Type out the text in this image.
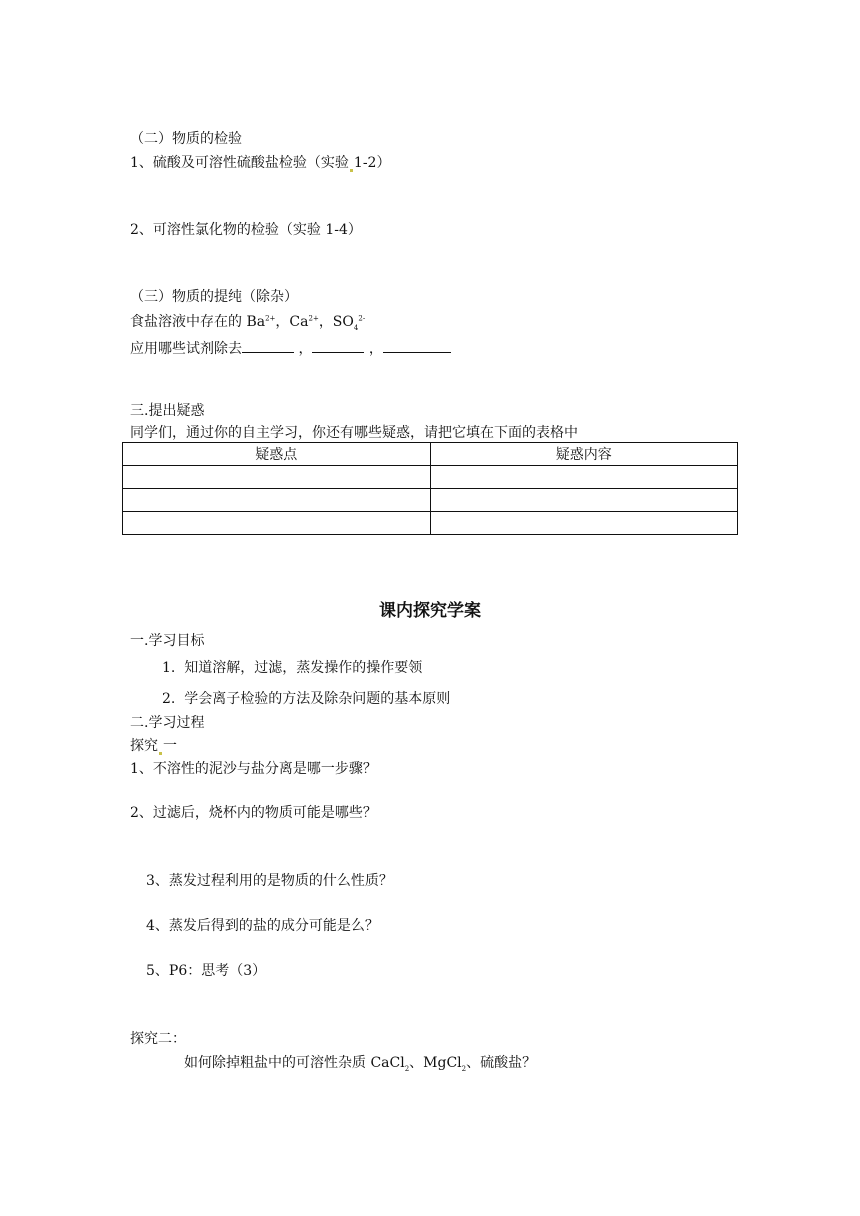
（二）物质的检验
1、硫酸及可溶性硫酸盐检验（实验 1-2）
2、可溶性氯化物的检验（实验 1-4）
（三）物质的提纯（除杂）
食盐溶液中存在的 $Ba^{2+}$，$Ca^{2+}$，$SO_4^{2-}$
应用哪些试剂除去	，	，
三.提出疑惑
同学们，通过你的自主学习，你还有哪些疑惑，请把它填在下面的表格中
疑惑点	疑惑内容

课内探究学案
一.学习目标
1. 知道溶解，过滤，蒸发操作的操作要领
2. 学会离子检验的方法及除杂问题的基本原则
二.学习过程
探究 一
1、不溶性的泥沙与盐分离是哪一步骤？
2、过滤后，烧杯内的物质可能是哪些？
3、蒸发过程利用的是物质的什么性质？
4、蒸发后得到的盐的成分可能是么？
5、P6：思考（3）
探究二：
如何除掉粗盐中的可溶性杂质 CaCl$_2$、MgCl$_2$、硫酸盐？
